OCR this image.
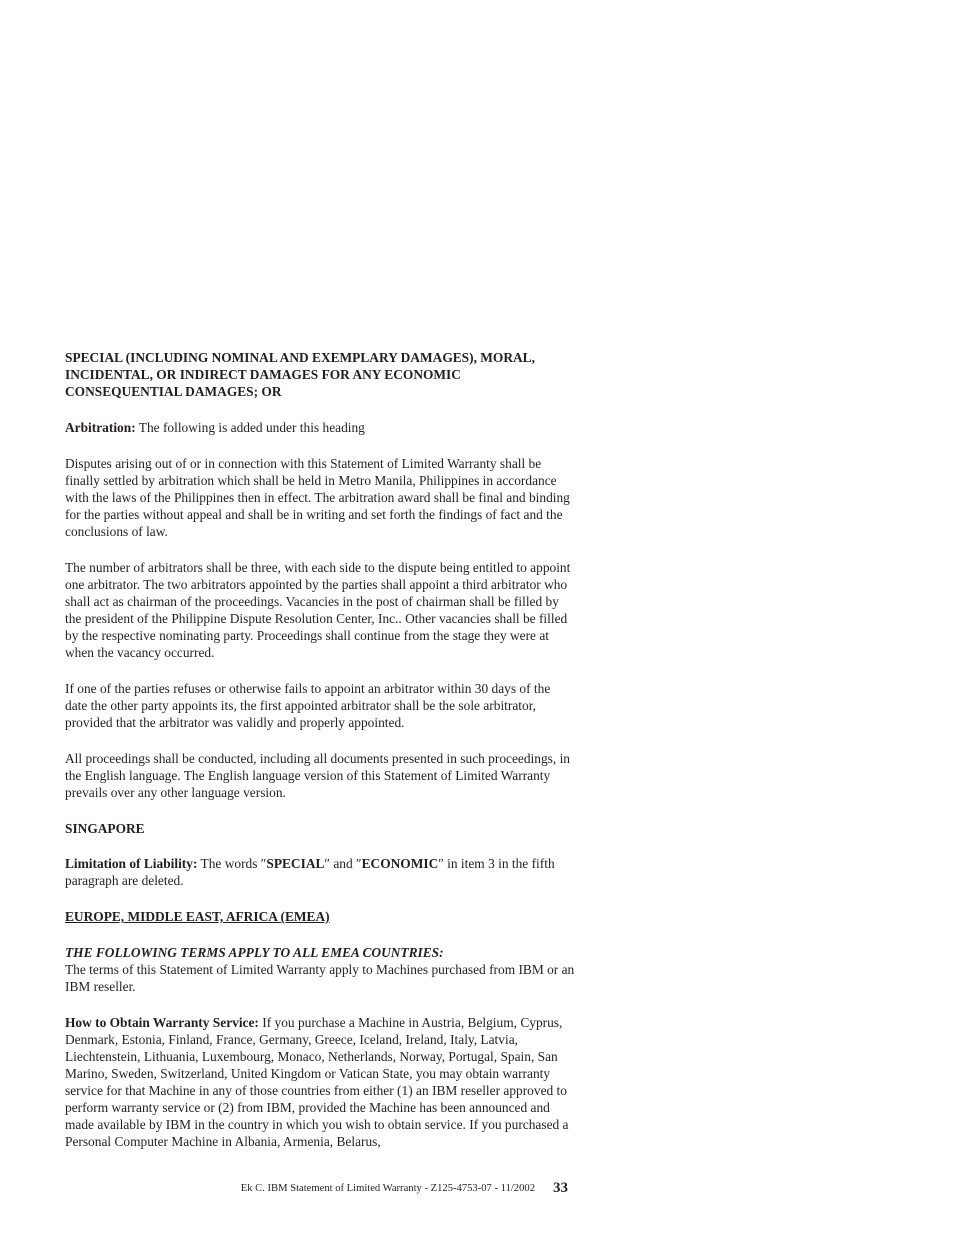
SPECIAL (INCLUDING NOMINAL AND EXEMPLARY DAMAGES), MORAL, INCIDENTAL, OR INDIRECT DAMAGES FOR ANY ECONOMIC CONSEQUENTIAL DAMAGES; OR

Arbitration: The following is added under this heading

Disputes arising out of or in connection with this Statement of Limited Warranty shall be finally settled by arbitration which shall be held in Metro Manila, Philippines in accordance with the laws of the Philippines then in effect. The arbitration award shall be final and binding for the parties without appeal and shall be in writing and set forth the findings of fact and the conclusions of law.

The number of arbitrators shall be three, with each side to the dispute being entitled to appoint one arbitrator. The two arbitrators appointed by the parties shall appoint a third arbitrator who shall act as chairman of the proceedings. Vacancies in the post of chairman shall be filled by the president of the Philippine Dispute Resolution Center, Inc.. Other vacancies shall be filled by the respective nominating party. Proceedings shall continue from the stage they were at when the vacancy occurred.

If one of the parties refuses or otherwise fails to appoint an arbitrator within 30 days of the date the other party appoints its, the first appointed arbitrator shall be the sole arbitrator, provided that the arbitrator was validly and properly appointed.

All proceedings shall be conducted, including all documents presented in such proceedings, in the English language. The English language version of this Statement of Limited Warranty prevails over any other language version.

SINGAPORE

Limitation of Liability: The words ″SPECIAL″ and ″ECONOMIC″ in item 3 in the fifth paragraph are deleted.

EUROPE, MIDDLE EAST, AFRICA (EMEA)

THE FOLLOWING TERMS APPLY TO ALL EMEA COUNTRIES:

The terms of this Statement of Limited Warranty apply to Machines purchased from IBM or an IBM reseller.

How to Obtain Warranty Service: If you purchase a Machine in Austria, Belgium, Cyprus, Denmark, Estonia, Finland, France, Germany, Greece, Iceland, Ireland, Italy, Latvia, Liechtenstein, Lithuania, Luxembourg, Monaco, Netherlands, Norway, Portugal, Spain, San Marino, Sweden, Switzerland, United Kingdom or Vatican State, you may obtain warranty service for that Machine in any of those countries from either (1) an IBM reseller approved to perform warranty service or (2) from IBM, provided the Machine has been announced and made available by IBM in the country in which you wish to obtain service. If you purchased a Personal Computer Machine in Albania, Armenia, Belarus,

Ek C. IBM Statement of Limited Warranty - Z125-4753-07 - 11/2002 33
